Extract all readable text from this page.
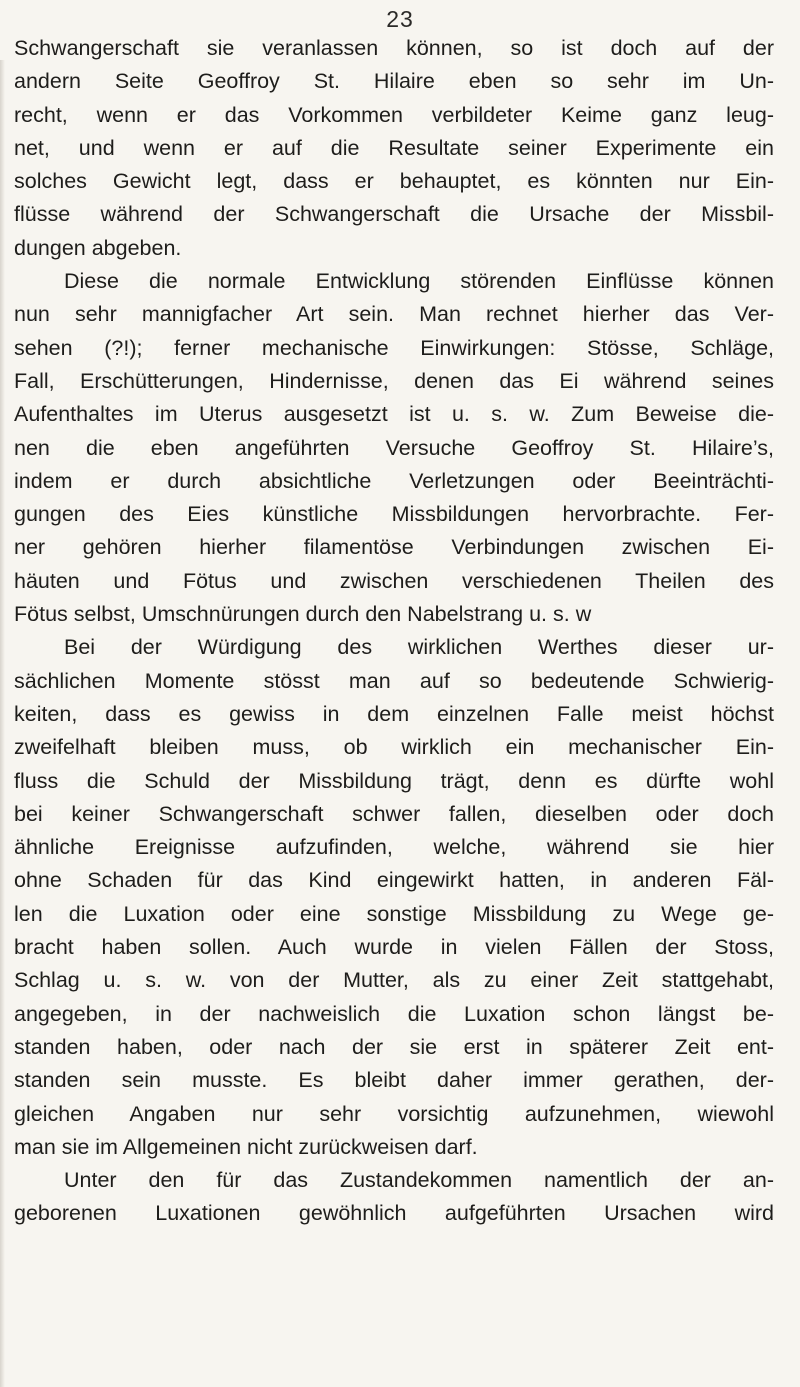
23
Schwangerschaft sie veranlassen können, so ist doch auf der
andern Seite Geoffroy St. Hilaire eben so sehr im Un-
recht, wenn er das Vorkommen verbildeter Keime ganz leug-
net, und wenn er auf die Resultate seiner Experimente ein
solches Gewicht legt, dass er behauptet, es könnten nur Ein-
flüsse während der Schwangerschaft die Ursache der Missbil-
dungen abgeben.
Diese die normale Entwicklung störenden Einflüsse können
nun sehr mannigfacher Art sein. Man rechnet hierher das Ver-
sehen (?!); ferner mechanische Einwirkungen: Stösse, Schläge,
Fall, Erschütterungen, Hindernisse, denen das Ei während seines
Aufenthaltes im Uterus ausgesetzt ist u. s. w. Zum Beweise die-
nen die eben angeführten Versuche Geoffroy St. Hilaire’s,
indem er durch absichtliche Verletzungen oder Beeinträchti-
gungen des Eies künstliche Missbildungen hervorbrachte. Fer-
ner gehören hierher filamentöse Verbindungen zwischen Ei-
häuten und Fötus und zwischen verschiedenen Theilen des
Fötus selbst, Umschnürungen durch den Nabelstrang u. s. w
Bei der Würdigung des wirklichen Werthes dieser ur-
sächlichen Momente stösst man auf so bedeutende Schwierig-
keiten, dass es gewiss in dem einzelnen Falle meist höchst
zweifelhaft bleiben muss, ob wirklich ein mechanischer Ein-
fluss die Schuld der Missbildung trägt, denn es dürfte wohl
bei keiner Schwangerschaft schwer fallen, dieselben oder doch
ähnliche Ereignisse aufzufinden, welche, während sie hier
ohne Schaden für das Kind eingewirkt hatten, in anderen Fäl-
len die Luxation oder eine sonstige Missbildung zu Wege ge-
bracht haben sollen. Auch wurde in vielen Fällen der Stoss,
Schlag u. s. w. von der Mutter, als zu einer Zeit stattgehabt,
angegeben, in der nachweislich die Luxation schon längst be-
standen haben, oder nach der sie erst in späterer Zeit ent-
standen sein musste. Es bleibt daher immer gerathen, der-
gleichen Angaben nur sehr vorsichtig aufzunehmen, wiewohl
man sie im Allgemeinen nicht zurückweisen darf.
Unter den für das Zustandekommen namentlich der an-
geborenen Luxationen gewöhnlich aufgeführten Ursachen wird
